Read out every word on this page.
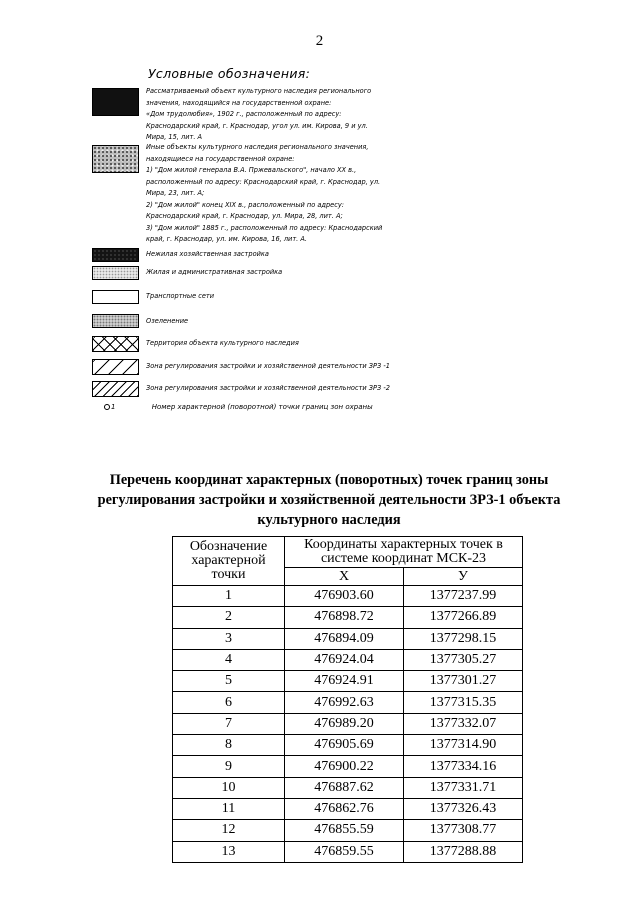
2
Условные обозначения:
Рассматриваемый объект культурного наследия регионального
значения, находящийся на государственной охране:
«Дом трудолюбия», 1902 г., расположенный по адресу:
Краснодарский край, г. Краснодар, угол ул. им. Кирова, 9 и ул.
Мира, 15, лит. А
Иные объекты культурного наследия регионального значения,
находящиеся на государственной охране:
1) "Дом жилой генерала В.А. Пржевальского", начало XX в.,
расположенный по адресу: Краснодарский край, г. Краснодар, ул.
Мира, 23, лит. А;
2) "Дом жилой" конец XIX в., расположенный по адресу:
Краснодарский край, г. Краснодар, ул. Мира, 28, лит. А;
3) "Дом жилой" 1885 г., расположенный по адресу: Краснодарский
край, г. Краснодар, ул. им. Кирова, 16, лит. А.
Нежилая хозяйственная застройка
Жилая и административная застройка
Транспортные сети
Озеленение
Территория объекта культурного наследия
Зона регулирования застройки и хозяйственной деятельности ЗРЗ -1
Зона регулирования застройки и хозяйственной деятельности ЗРЗ -2
1	Номер характерной (поворотной) точки границ зон охраны
Перечень координат характерных (поворотных) точек границ зоны регулирования застройки и хозяйственной деятельности ЗРЗ-1 объекта культурного наследия
Обозначение характерной точки	Координаты характерных точек в системе координат МСК-23	
	X	У
1	476903.60	1377237.99
2	476898.72	1377266.89
3	476894.09	1377298.15
4	476924.04	1377305.27
5	476924.91	1377301.27
6	476992.63	1377315.35
7	476989.20	1377332.07
8	476905.69	1377314.90
9	476900.22	1377334.16
10	476887.62	1377331.71
11	476862.76	1377326.43
12	476855.59	1377308.77
13	476859.55	1377288.88
